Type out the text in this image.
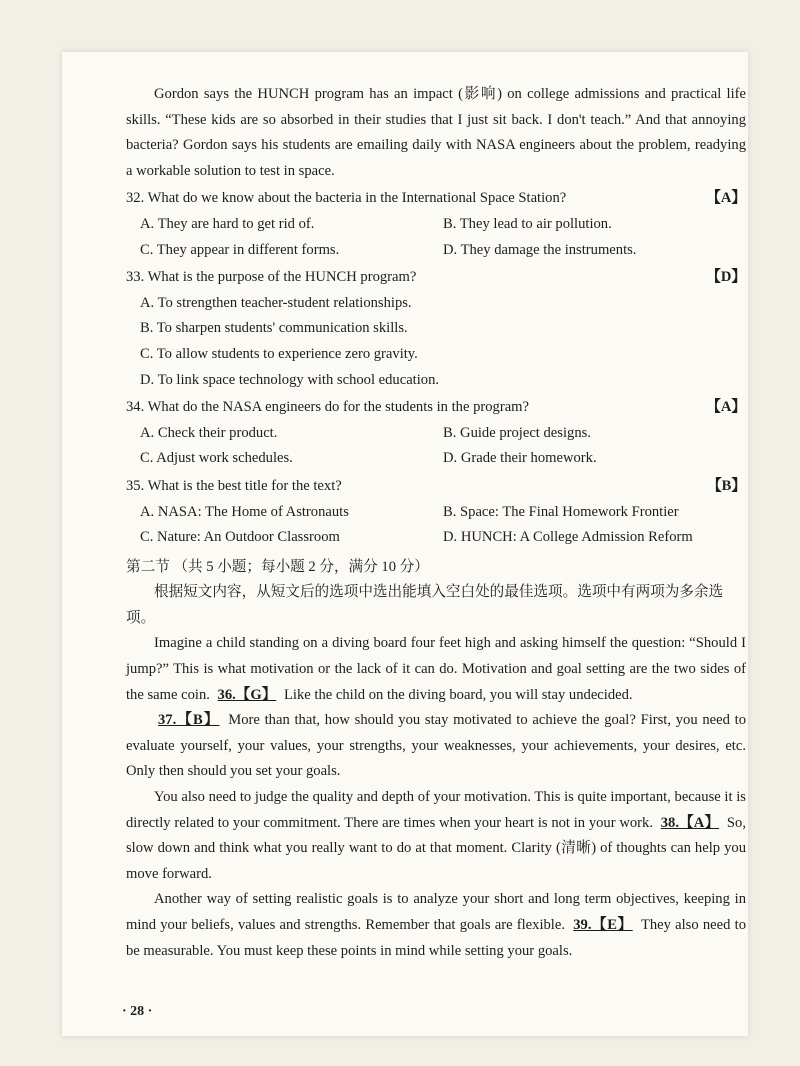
Gordon says the HUNCH program has an impact (影响) on college admissions and practical life skills. “These kids are so absorbed in their studies that I just sit back. I don't teach.” And that annoying bacteria? Gordon says his students are emailing daily with NASA engineers about the problem, readying a workable solution to test in space.

32. What do we know about the bacteria in the International Space Station?	【A】
A. They are hard to get rid of.	B. They lead to air pollution.
C. They appear in different forms.	D. They damage the instruments.

33. What is the purpose of the HUNCH program?	【D】
A. To strengthen teacher-student relationships.
B. To sharpen students' communication skills.
C. To allow students to experience zero gravity.
D. To link space technology with school education.

34. What do the NASA engineers do for the students in the program?	【A】
A. Check their product.	B. Guide project designs.
C. Adjust work schedules.	D. Grade their homework.

35. What is the best title for the text?	【B】
A. NASA: The Home of Astronauts	B. Space: The Final Homework Frontier
C. Nature: An Outdoor Classroom	D. HUNCH: A College Admission Reform

第二节 （共 5 小题；每小题 2 分，满分 10 分）

根据短文内容，从短文后的选项中选出能填入空白处的最佳选项。选项中有两项为多余选项。

Imagine a child standing on a diving board four feet high and asking himself the question: “Should I jump?” This is what motivation or the lack of it can do. Motivation and goal setting are the two sides of the same coin. 36.【G】 Like the child on the diving board, you will stay undecided.

37.【B】 More than that, how should you stay motivated to achieve the goal? First, you need to evaluate yourself, your values, your strengths, your weaknesses, your achievements, your desires, etc. Only then should you set your goals.

You also need to judge the quality and depth of your motivation. This is quite important, because it is directly related to your commitment. There are times when your heart is not in your work. 38.【A】 So, slow down and think what you really want to do at that moment. Clarity (清晰) of thoughts can help you move forward.

Another way of setting realistic goals is to analyze your short and long term objectives, keeping in mind your beliefs, values and strengths. Remember that goals are flexible. 39.【E】 They also need to be measurable. You must keep these points in mind while setting your goals.

· 28 ·
